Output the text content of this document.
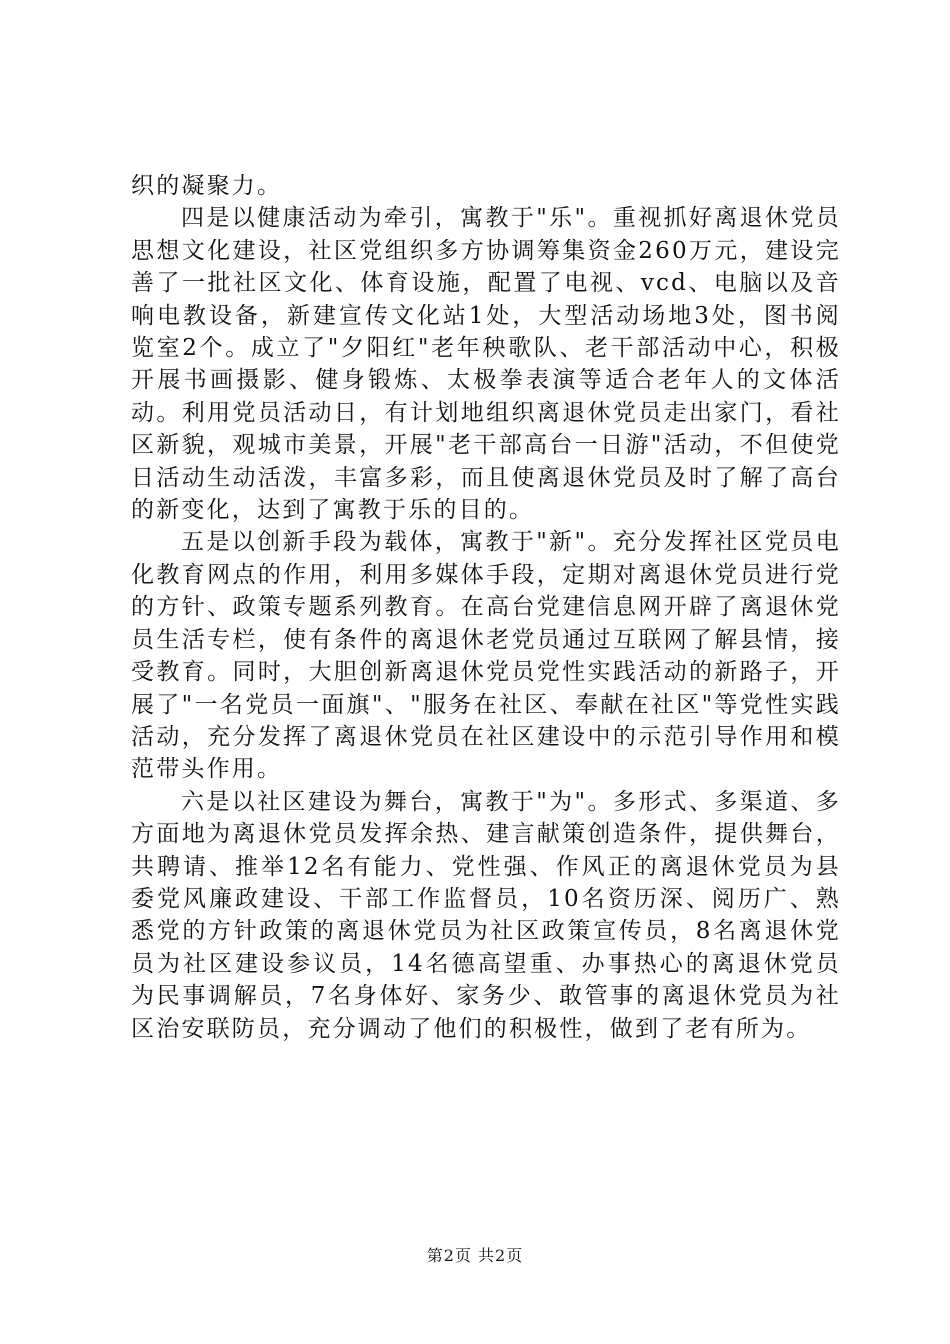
织的凝聚力。

四是以健康活动为牵引，寓教于"乐"。重视抓好离退休党员思想文化建设，社区党组织多方协调筹集资金260万元，建设完善了一批社区文化、体育设施，配置了电视、vcd、电脑以及音响电教设备，新建宣传文化站1处，大型活动场地3处，图书阅览室2个。成立了"夕阳红"老年秧歌队、老干部活动中心，积极开展书画摄影、健身锻炼、太极拳表演等适合老年人的文体活动。利用党员活动日，有计划地组织离退休党员走出家门，看社区新貌，观城市美景，开展"老干部高台一日游"活动，不但使党日活动生动活泼，丰富多彩，而且使离退休党员及时了解了高台的新变化，达到了寓教于乐的目的。

五是以创新手段为载体，寓教于"新"。充分发挥社区党员电化教育网点的作用，利用多媒体手段，定期对离退休党员进行党的方针、政策专题系列教育。在高台党建信息网开辟了离退休党员生活专栏，使有条件的离退休老党员通过互联网了解县情，接受教育。同时，大胆创新离退休党员党性实践活动的新路子，开展了"一名党员一面旗"、"服务在社区、奉献在社区"等党性实践活动，充分发挥了离退休党员在社区建设中的示范引导作用和模范带头作用。

六是以社区建设为舞台，寓教于"为"。多形式、多渠道、多方面地为离退休党员发挥余热、建言献策创造条件，提供舞台，共聘请、推举12名有能力、党性强、作风正的离退休党员为县委党风廉政建设、干部工作监督员，10名资历深、阅历广、熟悉党的方针政策的离退休党员为社区政策宣传员，8名离退休党员为社区建设参议员，14名德高望重、办事热心的离退休党员为民事调解员，7名身体好、家务少、敢管事的离退休党员为社区治安联防员，充分调动了他们的积极性，做到了老有所为。

第2页 共2页
